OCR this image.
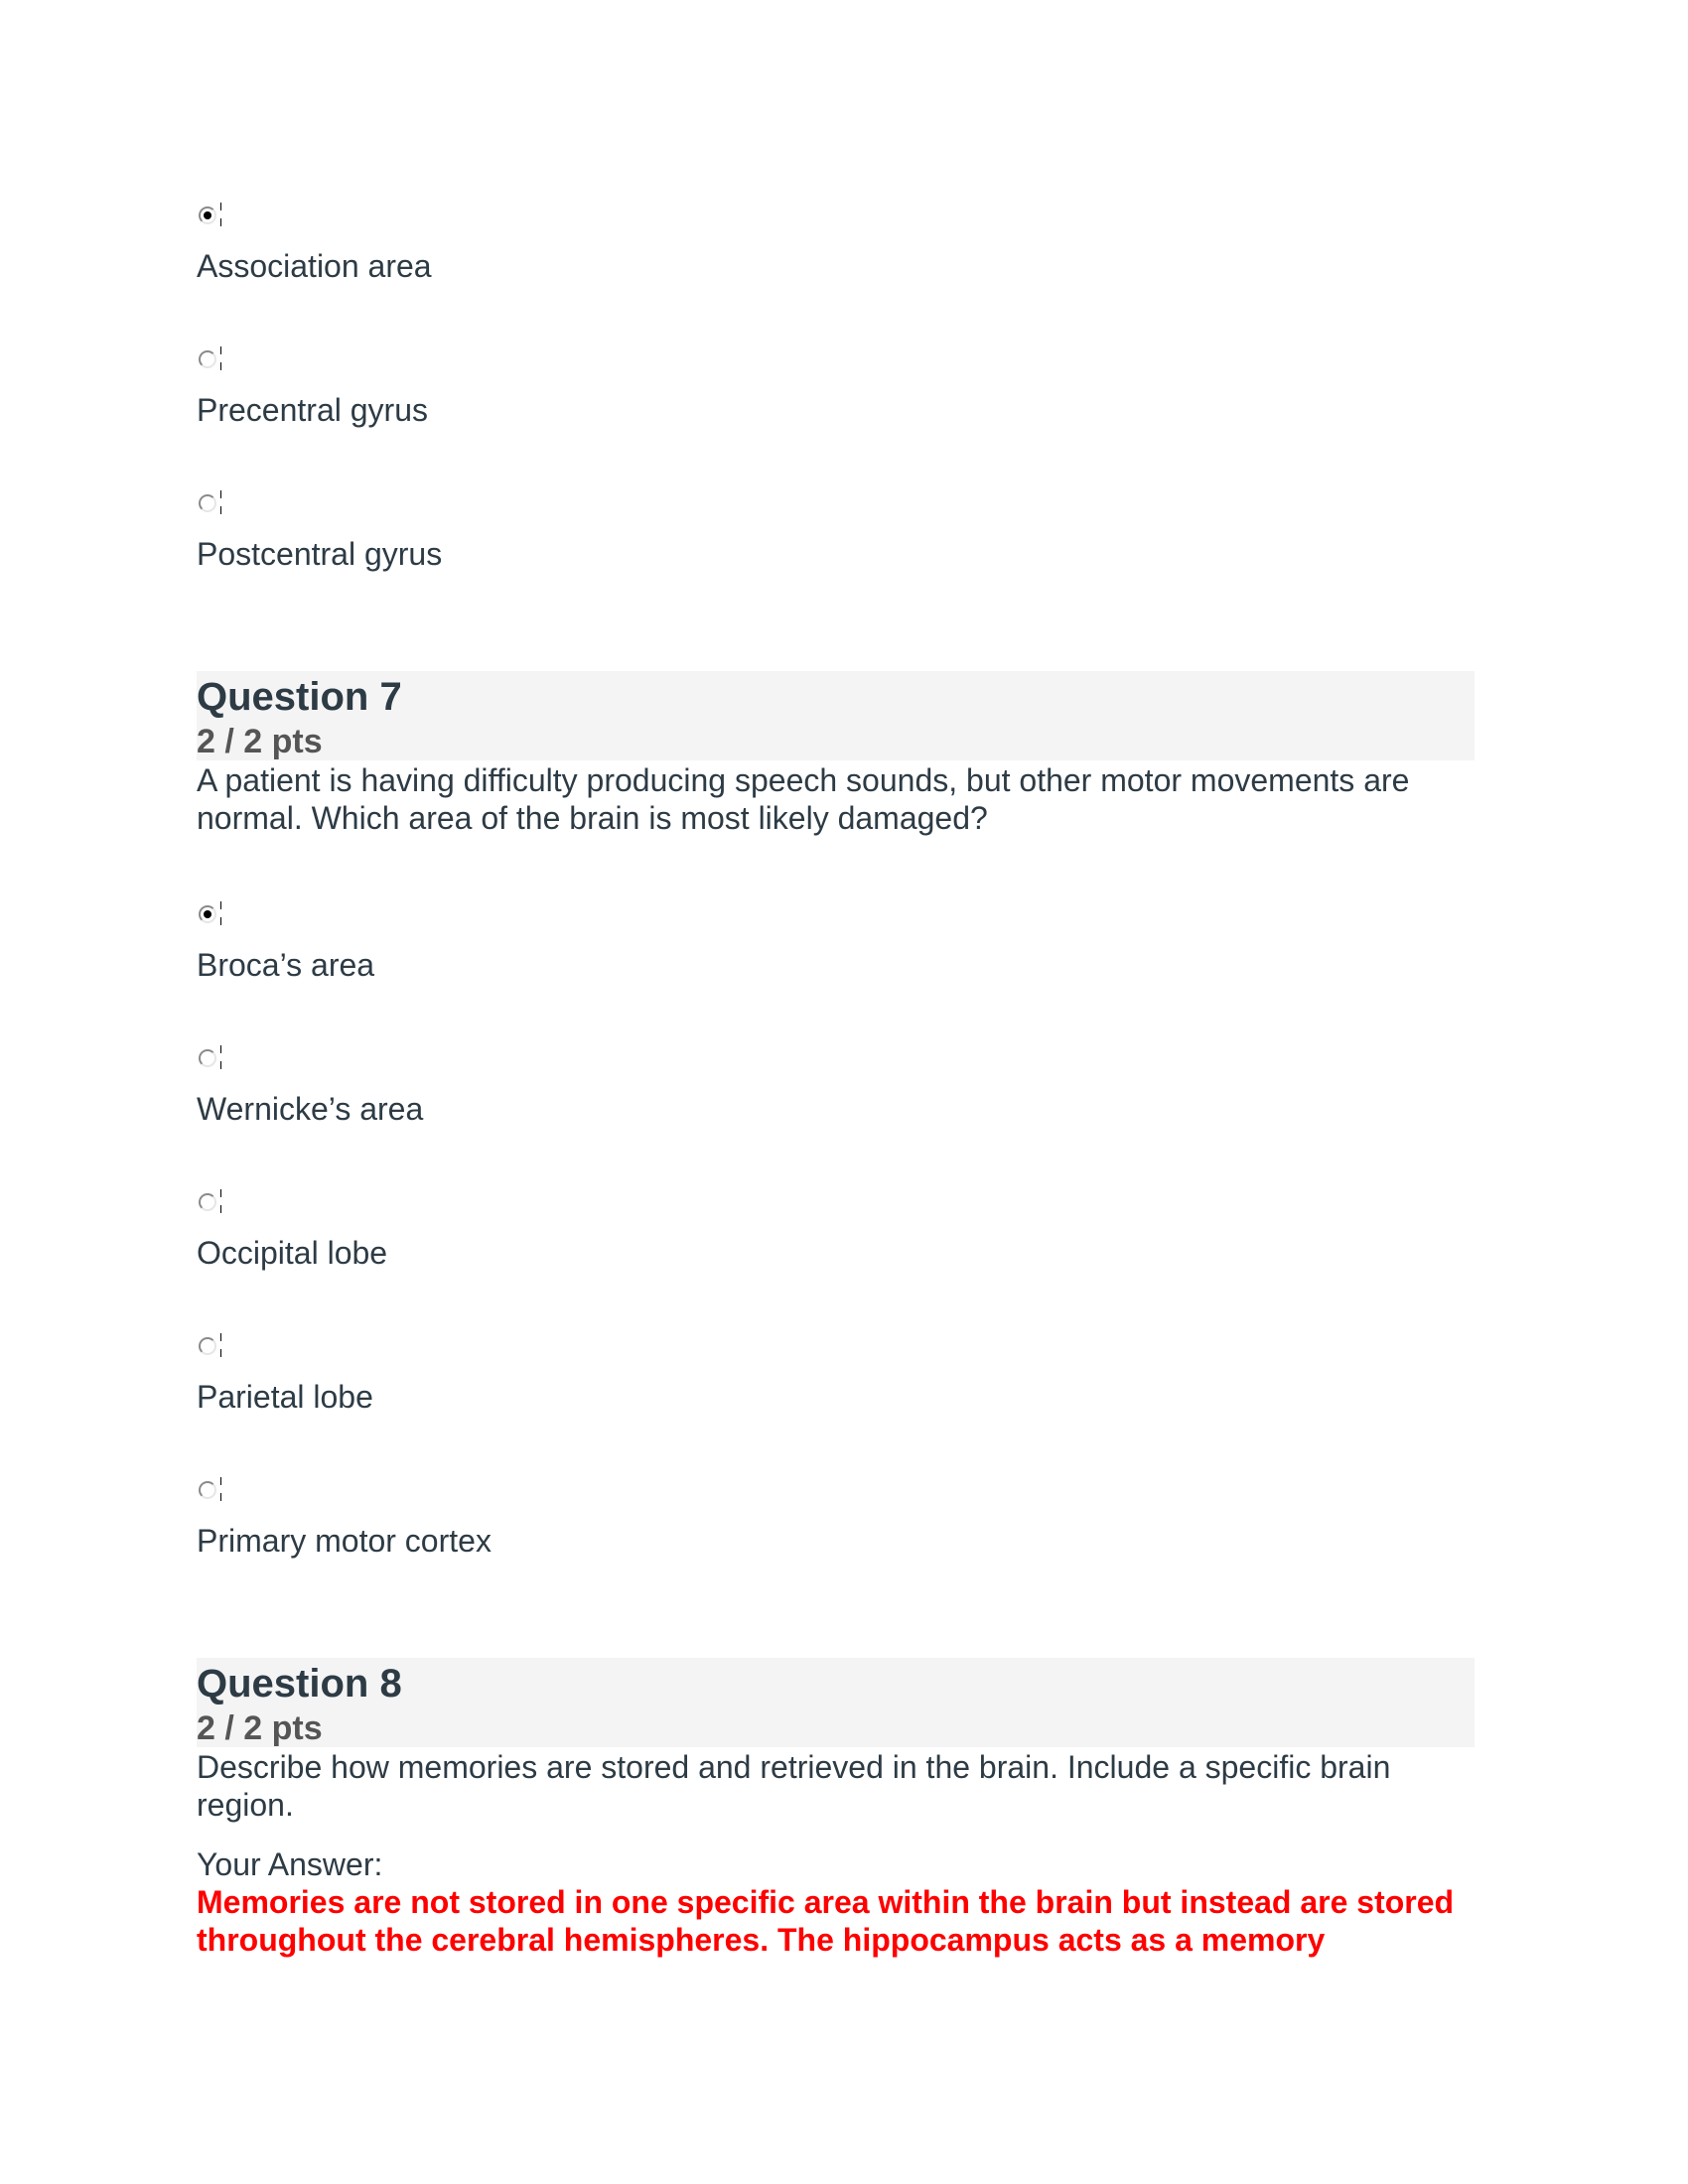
Association area
Precentral gyrus
Postcentral gyrus
Question 7
2 / 2 pts
A patient is having difficulty producing speech sounds, but other motor movements are normal. Which area of the brain is most likely damaged?
Broca’s area
Wernicke’s area
Occipital lobe
Parietal lobe
Primary motor cortex
Question 8
2 / 2 pts
Describe how memories are stored and retrieved in the brain. Include a specific brain region.
Your Answer:
Memories are not stored in one specific area within the brain but instead are stored throughout the cerebral hemispheres. The hippocampus acts as a memory
